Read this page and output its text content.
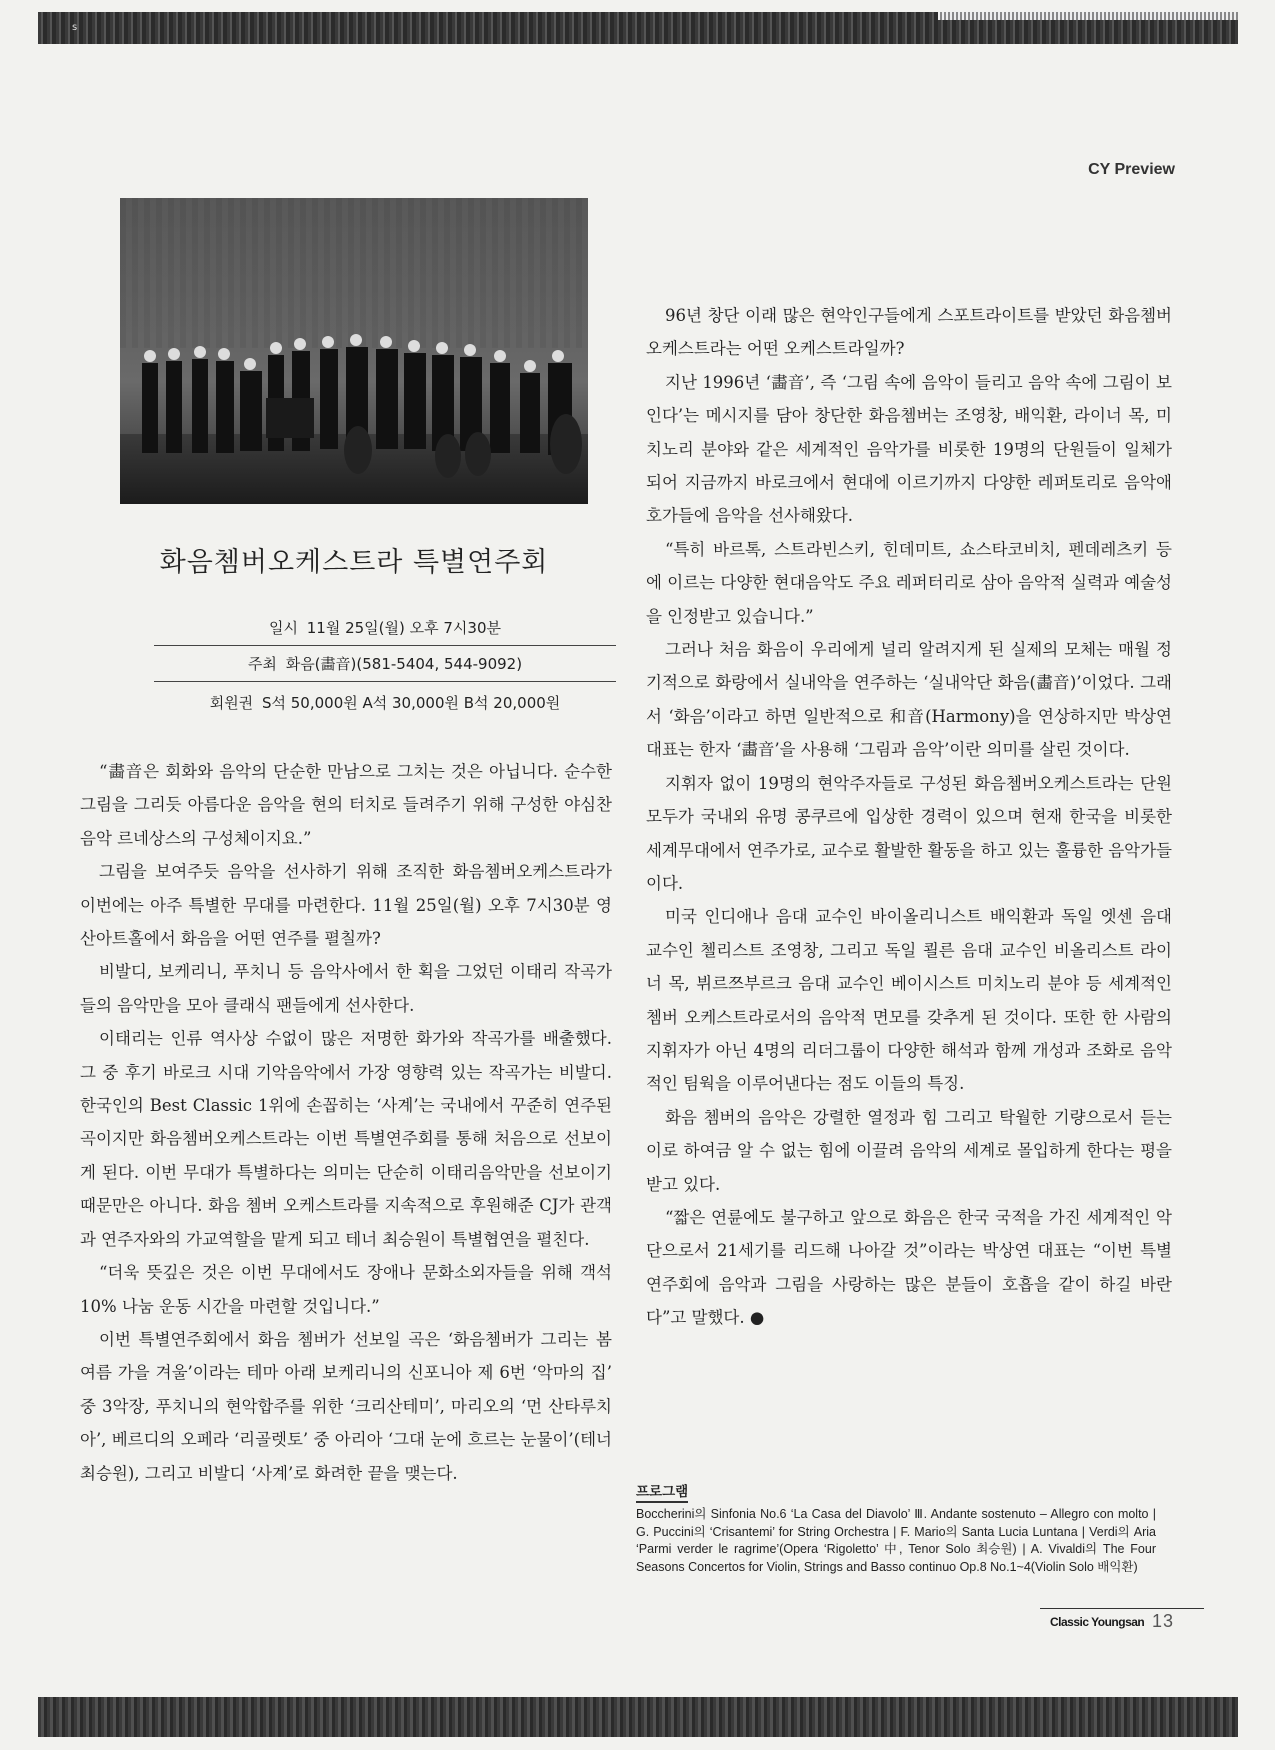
s
CY Preview
화음쳄버오케스트라 특별연주회
일시 11월 25일(월) 오후 7시30분
주최 화음(畵音)(581-5404, 544-9092)
회원권 S석 50,000원 A석 30,000원 B석 20,000원

“畵音은 회화와 음악의 단순한 만남으로 그치는 것은 아닙니다. 순수한 그림을 그리듯 아름다운 음악을 현의 터치로 들려주기 위해 구성한 야심찬 음악 르네상스의 구성체이지요.”

그림을 보여주듯 음악을 선사하기 위해 조직한 화음쳄버오케스트라가 이번에는 아주 특별한 무대를 마련한다. 11월 25일(월) 오후 7시30분 영산아트홀에서 화음을 어떤 연주를 펼칠까?

비발디, 보케리니, 푸치니 등 음악사에서 한 획을 그었던 이태리 작곡가들의 음악만을 모아 클래식 팬들에게 선사한다.

이태리는 인류 역사상 수없이 많은 저명한 화가와 작곡가를 배출했다. 그 중 후기 바로크 시대 기악음악에서 가장 영향력 있는 작곡가는 비발디. 한국인의 Best Classic 1위에 손꼽히는 ‘사계’는 국내에서 꾸준히 연주된 곡이지만 화음쳄버오케스트라는 이번 특별연주회를 통해 처음으로 선보이게 된다. 이번 무대가 특별하다는 의미는 단순히 이태리음악만을 선보이기 때문만은 아니다. 화음 쳄버 오케스트라를 지속적으로 후원해준 CJ가 관객과 연주자와의 가교역할을 맡게 되고 테너 최승원이 특별협연을 펼친다.

“더욱 뜻깊은 것은 이번 무대에서도 장애나 문화소외자들을 위해 객석 10% 나눔 운동 시간을 마련할 것입니다.”

이번 특별연주회에서 화음 쳄버가 선보일 곡은 ‘화음쳄버가 그리는 봄 여름 가을 겨울’이라는 테마 아래 보케리니의 신포니아 제 6번 ‘악마의 집’ 중 3악장, 푸치니의 현악합주를 위한 ‘크리산테미’, 마리오의 ‘먼 산타루치아’, 베르디의 오페라 ‘리골렛토’ 중 아리아 ‘그대 눈에 흐르는 눈물이’(테너 최승원), 그리고 비발디 ‘사계’로 화려한 끝을 맺는다.

96년 창단 이래 많은 현악인구들에게 스포트라이트를 받았던 화음쳄버 오케스트라는 어떤 오케스트라일까?

지난 1996년 ‘畵音’, 즉 ‘그림 속에 음악이 들리고 음악 속에 그림이 보인다’는 메시지를 담아 창단한 화음쳄버는 조영창, 배익환, 라이너 목, 미치노리 분야와 같은 세계적인 음악가를 비롯한 19명의 단원들이 일체가 되어 지금까지 바로크에서 현대에 이르기까지 다양한 레퍼토리로 음악애호가들에 음악을 선사해왔다.

“특히 바르톡, 스트라빈스키, 힌데미트, 쇼스타코비치, 펜데레츠키 등에 이르는 다양한 현대음악도 주요 레퍼터리로 삼아 음악적 실력과 예술성을 인정받고 있습니다.”

그러나 처음 화음이 우리에게 널리 알려지게 된 실제의 모체는 매월 정기적으로 화랑에서 실내악을 연주하는 ‘실내악단 화음(畵音)’이었다. 그래서 ‘화음’이라고 하면 일반적으로 和音(Harmony)을 연상하지만 박상연 대표는 한자 ‘畵音’을 사용해 ‘그림과 음악’이란 의미를 살린 것이다.

지휘자 없이 19명의 현악주자들로 구성된 화음쳄버오케스트라는 단원 모두가 국내외 유명 콩쿠르에 입상한 경력이 있으며 현재 한국을 비롯한 세계무대에서 연주가로, 교수로 활발한 활동을 하고 있는 훌륭한 음악가들이다.

미국 인디애나 음대 교수인 바이올리니스트 배익환과 독일 엣센 음대 교수인 첼리스트 조영창, 그리고 독일 쾰른 음대 교수인 비올리스트 라이너 목, 뷔르쯔부르크 음대 교수인 베이시스트 미치노리 분야 등 세계적인 쳄버 오케스트라로서의 음악적 면모를 갖추게 된 것이다. 또한 한 사람의 지휘자가 아닌 4명의 리더그룹이 다양한 해석과 함께 개성과 조화로 음악적인 팀웍을 이루어낸다는 점도 이들의 특징.

화음 쳄버의 음악은 강렬한 열정과 힘 그리고 탁월한 기량으로서 듣는 이로 하여금 알 수 없는 힘에 이끌려 음악의 세계로 몰입하게 한다는 평을 받고 있다.

“짧은 연륜에도 불구하고 앞으로 화음은 한국 국적을 가진 세계적인 악단으로서 21세기를 리드해 나아갈 것”이라는 박상연 대표는 “이번 특별연주회에 음악과 그림을 사랑하는 많은 분들이 호흡을 같이 하길 바란다”고 말했다. ●

프로그램

Boccherini의 Sinfonia No.6 ‘La Casa del Diavolo’ Ⅲ. Andante sostenuto – Allegro con molto | G. Puccini의 ‘Crisantemi’ for String Orchestra | F. Mario의 Santa Lucia Luntana | Verdi의 Aria ‘Parmi verder le ragrime’(Opera ‘Rigoletto’ 中, Tenor Solo 최승원) | A. Vivaldi의 The Four Seasons Concertos for Violin, Strings and Basso continuo Op.8 No.1~4(Violin Solo 배익환)

Classic Youngsan 13
